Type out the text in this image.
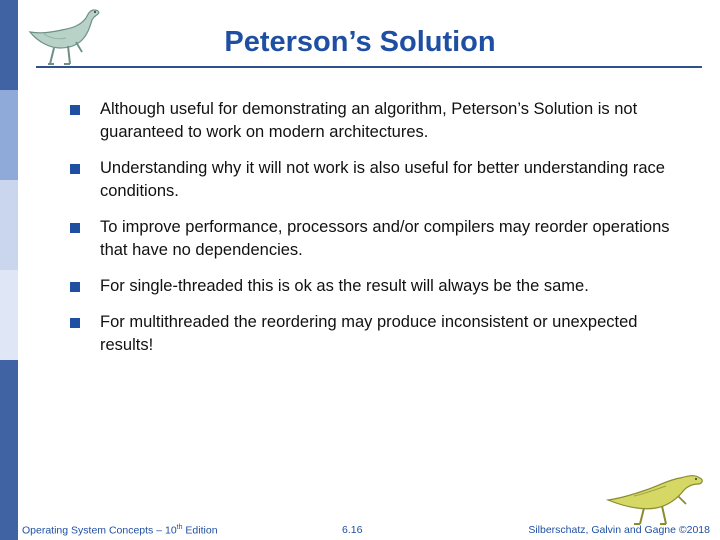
Peterson’s Solution
Although useful for demonstrating an algorithm, Peterson’s Solution is not guaranteed to work on modern architectures.
Understanding why it will not work is also useful for better understanding race conditions.
To improve performance, processors and/or compilers may reorder operations that have no dependencies.
For single-threaded this is ok as the result will always be the same.
For multithreaded the reordering may produce inconsistent or unexpected results!
Operating System Concepts – 10th Edition	6.16	Silberschatz, Galvin and Gagne ©2018
